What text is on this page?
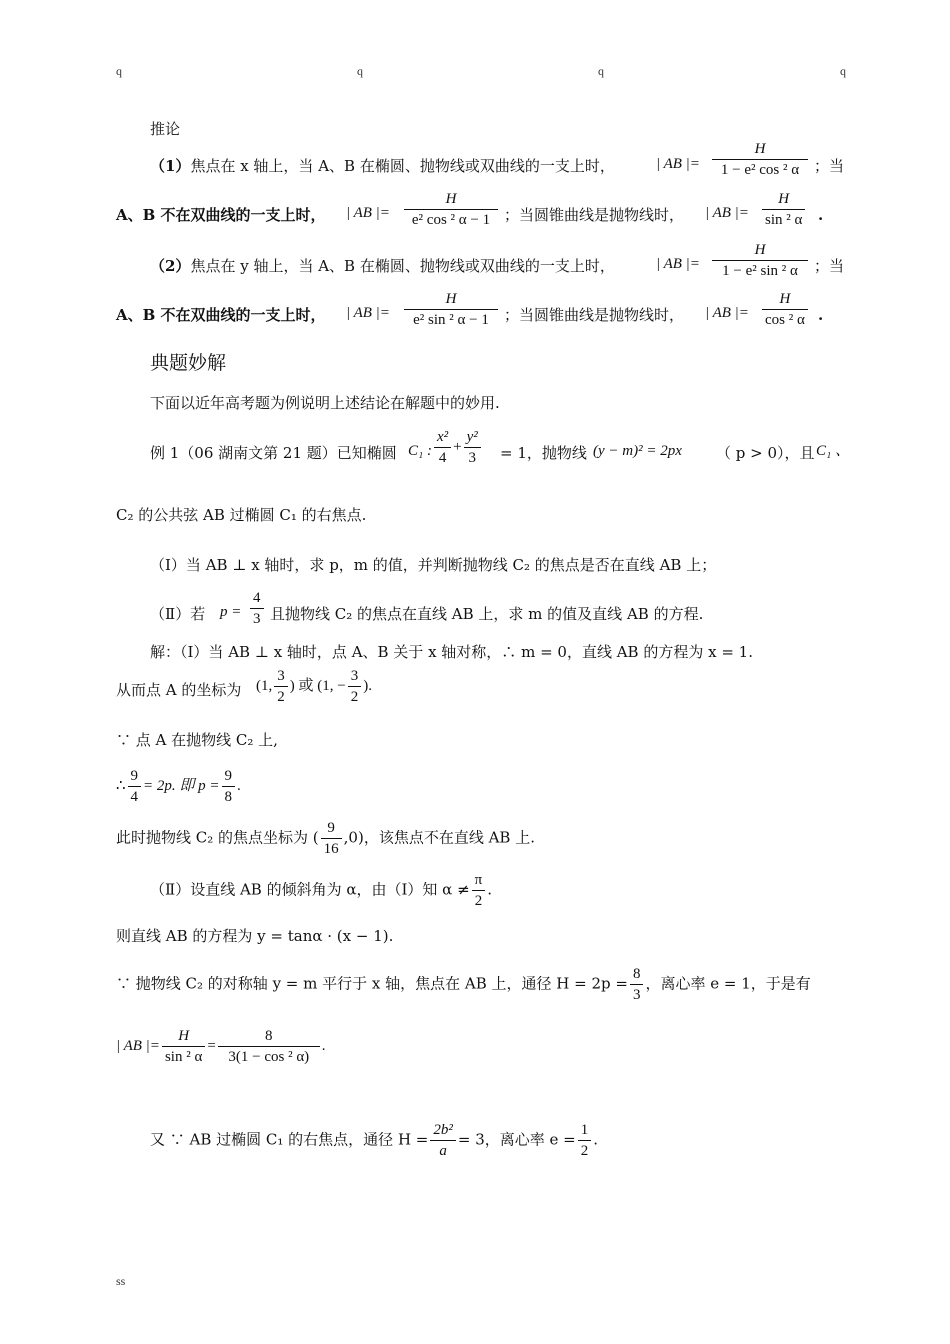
q	q	q	q
推论
（1）焦点在 x 轴上，当 A、B 在椭圆、抛物线或双曲线的一支上时，	| AB |= $\frac{H}{\text{1 − e² cos ² α}}$ ；当
A、B 不在双曲线的一支上时， | AB |= $\frac{H}{\text{e² cos ² α − 1}}$ ；当圆锥曲线是抛物线时， | AB |= $\frac{H}{\text{sin ² α}}$ .
（2）焦点在 y 轴上，当 A、B 在椭圆、抛物线或双曲线的一支上时，	| AB |= $\frac{H}{\text{1 − e² sin ² α}}$ ；当
A、B 不在双曲线的一支上时， | AB |= $\frac{H}{\text{e² sin ² α − 1}}$ ；当圆锥曲线是抛物线时， | AB |= $\frac{H}{\text{cos ² α}}$ .
典题妙解
下面以近年高考题为例说明上述结论在解题中的妙用.
例 1（06 湖南文第 21 题）已知椭圆 C₁ : $\frac{\text{x²}}{4} + \frac{\text{y²}}{3} = 1$，抛物线 (y − m)² = 2px （ p > 0），且 C₁ 、
C₂ 的公共弦 AB 过椭圆 C₁ 的右焦点.
（Ⅰ）当 AB ⊥ x 轴时，求 p，m 的值，并判断抛物线 C₂ 的焦点是否在直线 AB 上；
（Ⅱ）若 $p = \frac{4}{3}$ 且抛物线 C₂ 的焦点在直线 AB 上，求 m 的值及直线 AB 的方程.
解：（Ⅰ）当 AB ⊥ x 轴时，点 A、B 关于 x 轴对称，∴ m = 0，直线 AB 的方程为 x = 1.
从而点 A 的坐标为 (1, $\frac{3}{2}$ ) 或 (1, − $\frac{3}{2}$ ).
∵ 点 A 在抛物线 C₂ 上,
∴ $\frac{9}{4} = 2p$. 即 $p = \frac{9}{8}$ .
此时抛物线 C₂ 的焦点坐标为 ( $\frac{9}{16} ,0$)，该焦点不在直线 AB 上.
（Ⅱ）设直线 AB 的倾斜角为 α，由（Ⅰ）知 $\alpha \ne \frac{\pi}{2}$ .
则直线 AB 的方程为 y = tanα · (x − 1).
∵ 抛物线 C₂ 的对称轴 y = m 平行于 x 轴，焦点在 AB 上，通径 $H = 2p = \frac{8}{3}$ ，离心率 e = 1，于是有
| AB |= $\frac{H}{\text{sin ² α}} = \frac{8}{\text{3(1 − cos ² α)}}$ .
又 ∵ AB 过椭圆 C₁ 的右焦点，通径 $H = \frac{\text{2b²}}{a} = 3$，离心率 $e = \frac{1}{2}$ .
ss
